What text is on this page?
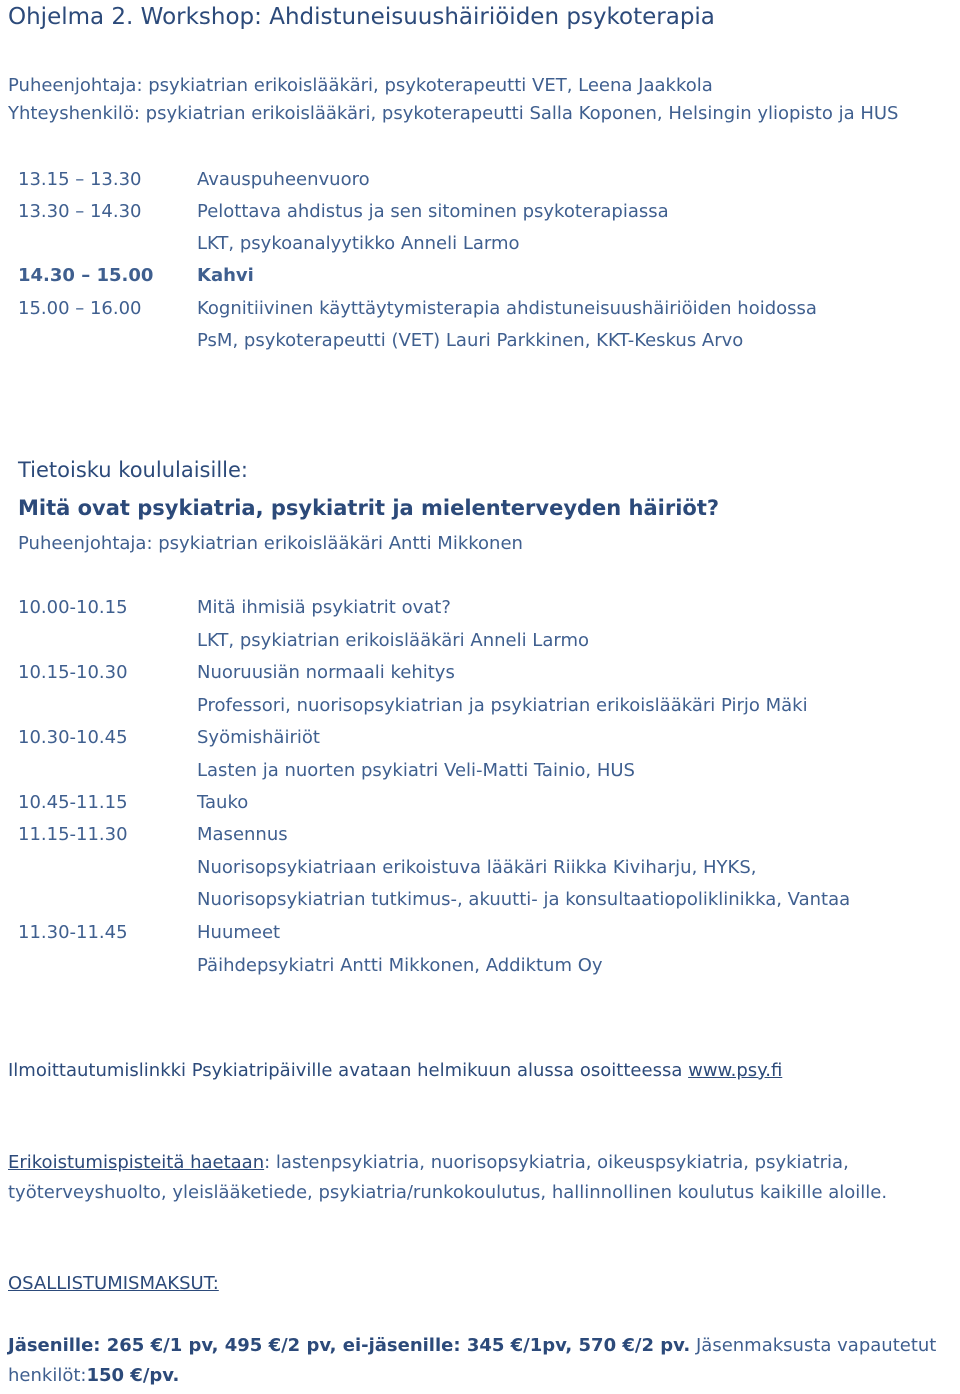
Ohjelma 2. Workshop: Ahdistuneisuushäiriöiden psykoterapia
Puheenjohtaja: psykiatrian erikoislääkäri, psykoterapeutti VET, Leena Jaakkola
Yhteyshenkilö: psykiatrian erikoislääkäri, psykoterapeutti Salla Koponen, Helsingin yliopisto ja HUS
13.15 – 13.30	Avauspuheenvuoro
13.30 – 14.30	Pelottava ahdistus ja sen sitominen psykoterapiassa
LKT, psykoanalyytikko Anneli Larmo
14.30 – 15.00 Kahvi
15.00 – 16.00	Kognitiivinen käyttäytymisterapia ahdistuneisuushäiriöiden hoidossa
PsM, psykoterapeutti (VET) Lauri Parkkinen, KKT-Keskus Arvo
Tietoisku koululaisille:
Mitä ovat psykiatria, psykiatrit ja mielenterveyden häiriöt?
Puheenjohtaja: psykiatrian erikoislääkäri Antti Mikkonen
10.00-10.15	Mitä ihmisiä psykiatrit ovat?
LKT, psykiatrian erikoislääkäri Anneli Larmo
10.15-10.30	Nuoruusiän normaali kehitys
Professori, nuorisopsykiatrian ja psykiatrian erikoislääkäri Pirjo Mäki
10.30-10.45	Syömishäiriöt
Lasten ja nuorten psykiatri Veli-Matti Tainio, HUS
10.45-11.15	Tauko
11.15-11.30	Masennus
Nuorisopsykiatriaan erikoistuva lääkäri Riikka Kiviharju, HYKS,
Nuorisopsykiatrian tutkimus-, akuutti- ja konsultaatiopoliklinikka, Vantaa
11.30-11.45	Huumeet
Päihdepsykiatri Antti Mikkonen, Addiktum Oy
Ilmoittautumislinkki Psykiatripäiville avataan helmikuun alussa osoitteessa www.psy.fi
Erikoistumispisteitä haetaan: lastenpsykiatria, nuorisopsykiatria, oikeuspsykiatria, psykiatria,
työterveyshuolto, yleislääketiede, psykiatria/runkokoulutus, hallinnollinen koulutus kaikille aloille.
OSALLISTUMISMAKSUT:
Jäsenille: 265 €/1 pv, 495 €/2 pv, ei-jäsenille: 345 €/1pv, 570 €/2 pv. Jäsenmaksusta vapautetut
henkilöt:150 €/pv.
